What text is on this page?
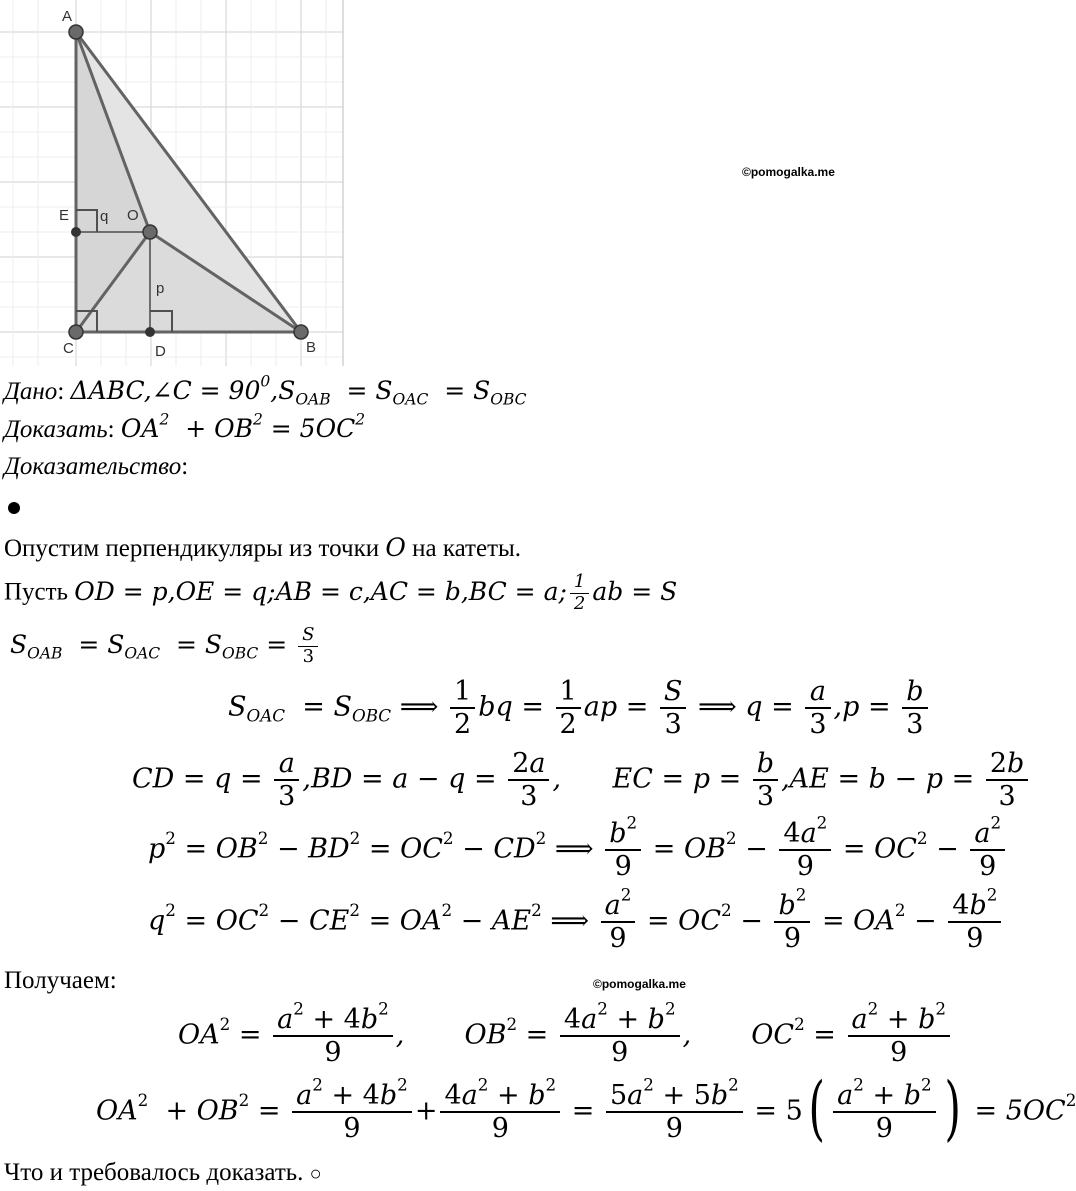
A
E q O
p
C	D	B
©pomogalka.me
Дано: ΔABC,∠C = $90^0,S_{OAB} = S_{OAC} = S_{OBC}$
Доказать: $OA^2 + OB^2 = 5OC^2$
Доказательство:
Опустим перпендикуляры из точки O на катеты.
Пусть OD = p,OE = q;AB = c,AC = b,BC = a; $\frac{1}{2}$ ab = S
$S_{OAB} = S_{OAC} = S_{OBC} = \frac{S}{3}$
$S_{OAC} = S_{OBC}$ ⟹ $\frac{1}{2}$ bq = $\frac{1}{2}$ ap = $\frac{S}{3}$ ⟹ $q = \frac{a}{3} ,p = \frac{b}{3}$
CD = $q = \frac{a}{3} ,BD = a - q = \frac{2a}{3}$ ,      EC = $p = \frac{b}{3} ,AE = b - p = \frac{2b}{3}$
$p^2 = OB^2 - BD^2 = OC^2 - CD^2$ ⟹ $\frac{b^2}{9} = OB^2 - \frac{4a^2}{9} = OC^2 - \frac{a^2}{9}$
$q^2 = OC^2 - CE^2 = OA^2 - AE^2$ ⟹ $\frac{a^2}{9} = OC^2 - \frac{b^2}{9} = OA^2 - \frac{4b^2}{9}$
Получаем:	©pomogalka.me
$OA^2 = \frac{a^2 + 4b^2}{9}$ ,       $OB^2 = \frac{4a^2 + b^2}{9}$ ,       $OC^2 = \frac{a^2 + b^2}{9}$
$OA^2 + OB^2 = \frac{a^2 + 4b^2}{9} + \frac{4a^2 + b^2}{9} = \frac{5a^2 + 5b^2}{9} = 5( \frac{a^2 + b^2}{9}$ ) = $5OC^2$
Что и требовалось доказать. ○
